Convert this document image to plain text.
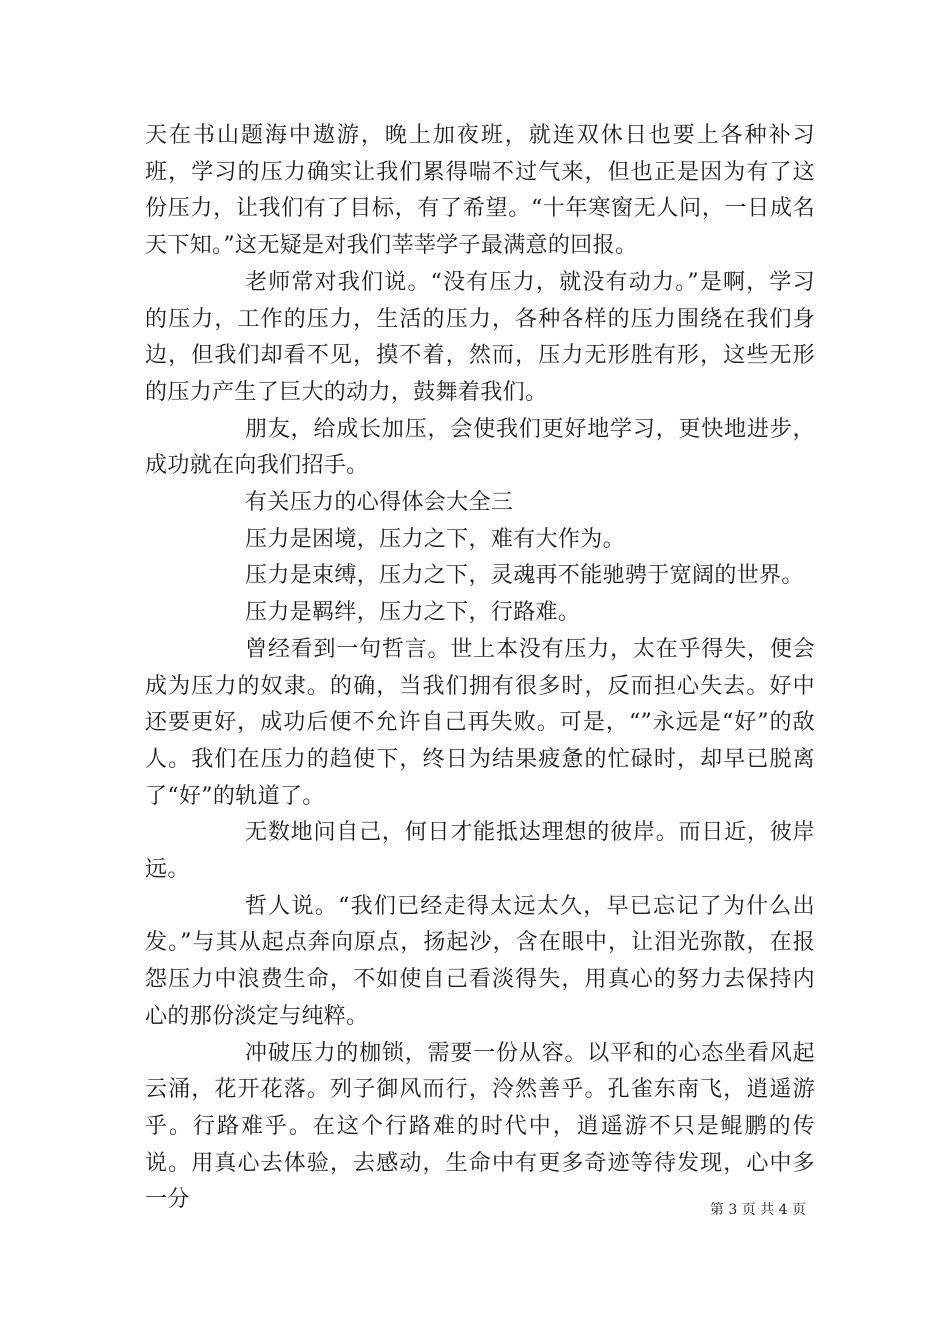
天在书山题海中遨游，晚上加夜班，就连双休日也要上各种补习班，学习的压力确实让我们累得喘不过气来，但也正是因为有了这份压力，让我们有了目标，有了希望。“十年寒窗无人问，一日成名天下知。”这无疑是对我们莘莘学子最满意的回报。

老师常对我们说。“没有压力，就没有动力。”是啊，学习的压力，工作的压力，生活的压力，各种各样的压力围绕在我们身边，但我们却看不见，摸不着，然而，压力无形胜有形，这些无形的压力产生了巨大的动力，鼓舞着我们。

朋友，给成长加压，会使我们更好地学习，更快地进步，成功就在向我们招手。

有关压力的心得体会大全三

压力是困境，压力之下，难有大作为。

压力是束缚，压力之下，灵魂再不能驰骋于宽阔的世界。

压力是羁绊，压力之下，行路难。

曾经看到一句哲言。世上本没有压力，太在乎得失，便会成为压力的奴隶。的确，当我们拥有很多时，反而担心失去。好中还要更好，成功后便不允许自己再失败。可是，“”永远是“好”的敌人。我们在压力的趋使下，终日为结果疲惫的忙碌时，却早已脱离了“好”的轨道了。

无数地问自己，何日才能抵达理想的彼岸。而日近，彼岸远。

哲人说。“我们已经走得太远太久，早已忘记了为什么出发。”与其从起点奔向原点，扬起沙，含在眼中，让泪光弥散，在报怨压力中浪费生命，不如使自己看淡得失，用真心的努力去保持内心的那份淡定与纯粹。

冲破压力的枷锁，需要一份从容。以平和的心态坐看风起云涌，花开花落。列子御风而行，泠然善乎。孔雀东南飞，逍遥游乎。行路难乎。在这个行路难的时代中，逍遥游不只是鲲鹏的传说。用真心去体验，去感动，生命中有更多奇迹等待发现，心中多一分	第 3 页 共 4 页
